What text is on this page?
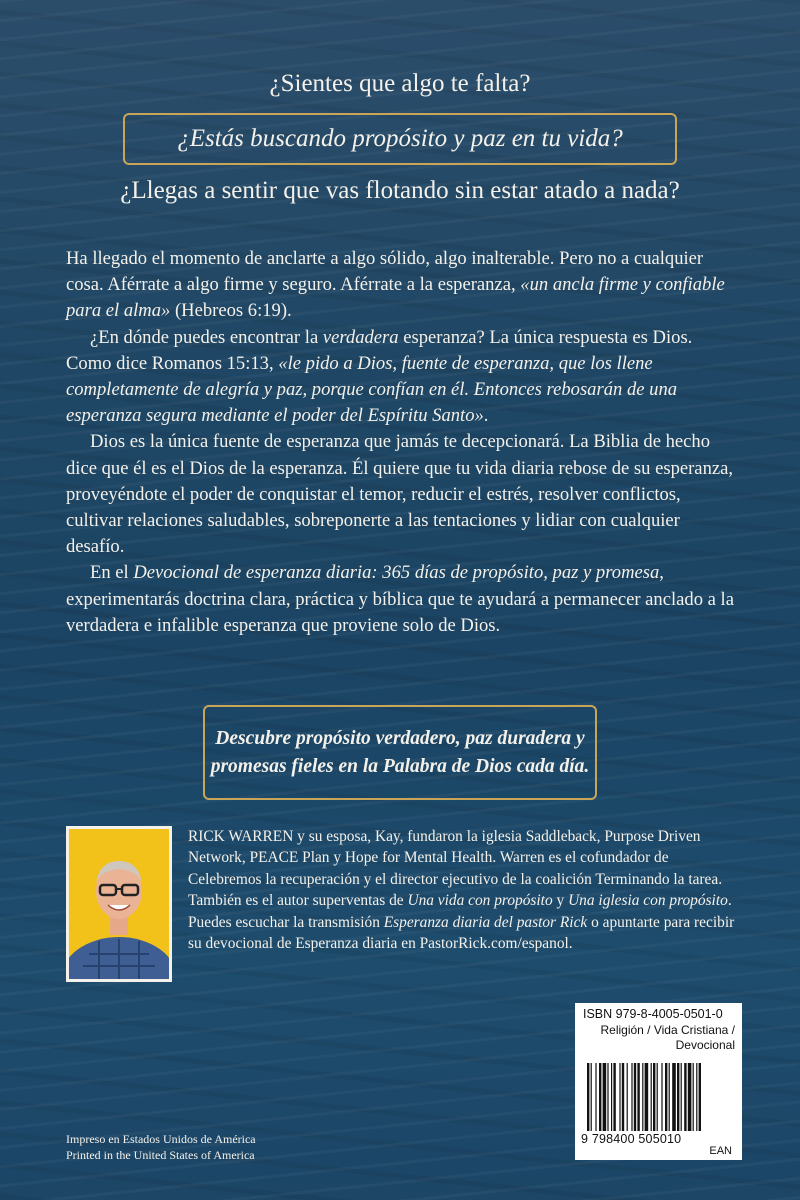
¿Sientes que algo te falta?
¿Estás buscando propósito y paz en tu vida?
¿Llegas a sentir que vas flotando sin estar atado a nada?

Ha llegado el momento de anclarte a algo sólido, algo inalterable. Pero no a cualquier cosa. Aférrate a algo firme y seguro. Aférrate a la esperanza, «un ancla firme y confiable para el alma» (Hebreos 6:19).

¿En dónde puedes encontrar la verdadera esperanza? La única respuesta es Dios. Como dice Romanos 15:13, «le pido a Dios, fuente de esperanza, que los llene completamente de alegría y paz, porque confían en él. Entonces rebosarán de una esperanza segura mediante el poder del Espíritu Santo».

Dios es la única fuente de esperanza que jamás te decepcionará. La Biblia de hecho dice que él es el Dios de la esperanza. Él quiere que tu vida diaria rebose de su esperanza, proveyéndote el poder de conquistar el temor, reducir el estrés, resolver conflictos, cultivar relaciones saludables, sobreponerte a las tentaciones y lidiar con cualquier desafío.

En el Devocional de esperanza diaria: 365 días de propósito, paz y promesa, experimentarás doctrina clara, práctica y bíblica que te ayudará a permanecer anclado a la verdadera e infalible esperanza que proviene solo de Dios.

Descubre propósito verdadero, paz duradera y
promesas fieles en la Palabra de Dios cada día.
RICK WARREN y su esposa, Kay, fundaron la iglesia Saddleback, Purpose Driven Network, PEACE Plan y Hope for Mental Health. Warren es el cofundador de Celebremos la recuperación y el director ejecutivo de la coalición Terminando la tarea. También es el autor superventas de Una vida con propósito y Una iglesia con propósito. Puedes escuchar la transmisión Esperanza diaria del pastor Rick o apuntarte para recibir su devocional de Esperanza diaria en PastorRick.com/espanol.
ISBN 979-8-4005-0501-0
Religión / Vida Cristiana /
Devocional
9 798400 505010
EAN
Impreso en Estados Unidos de América
Printed in the United States of America
